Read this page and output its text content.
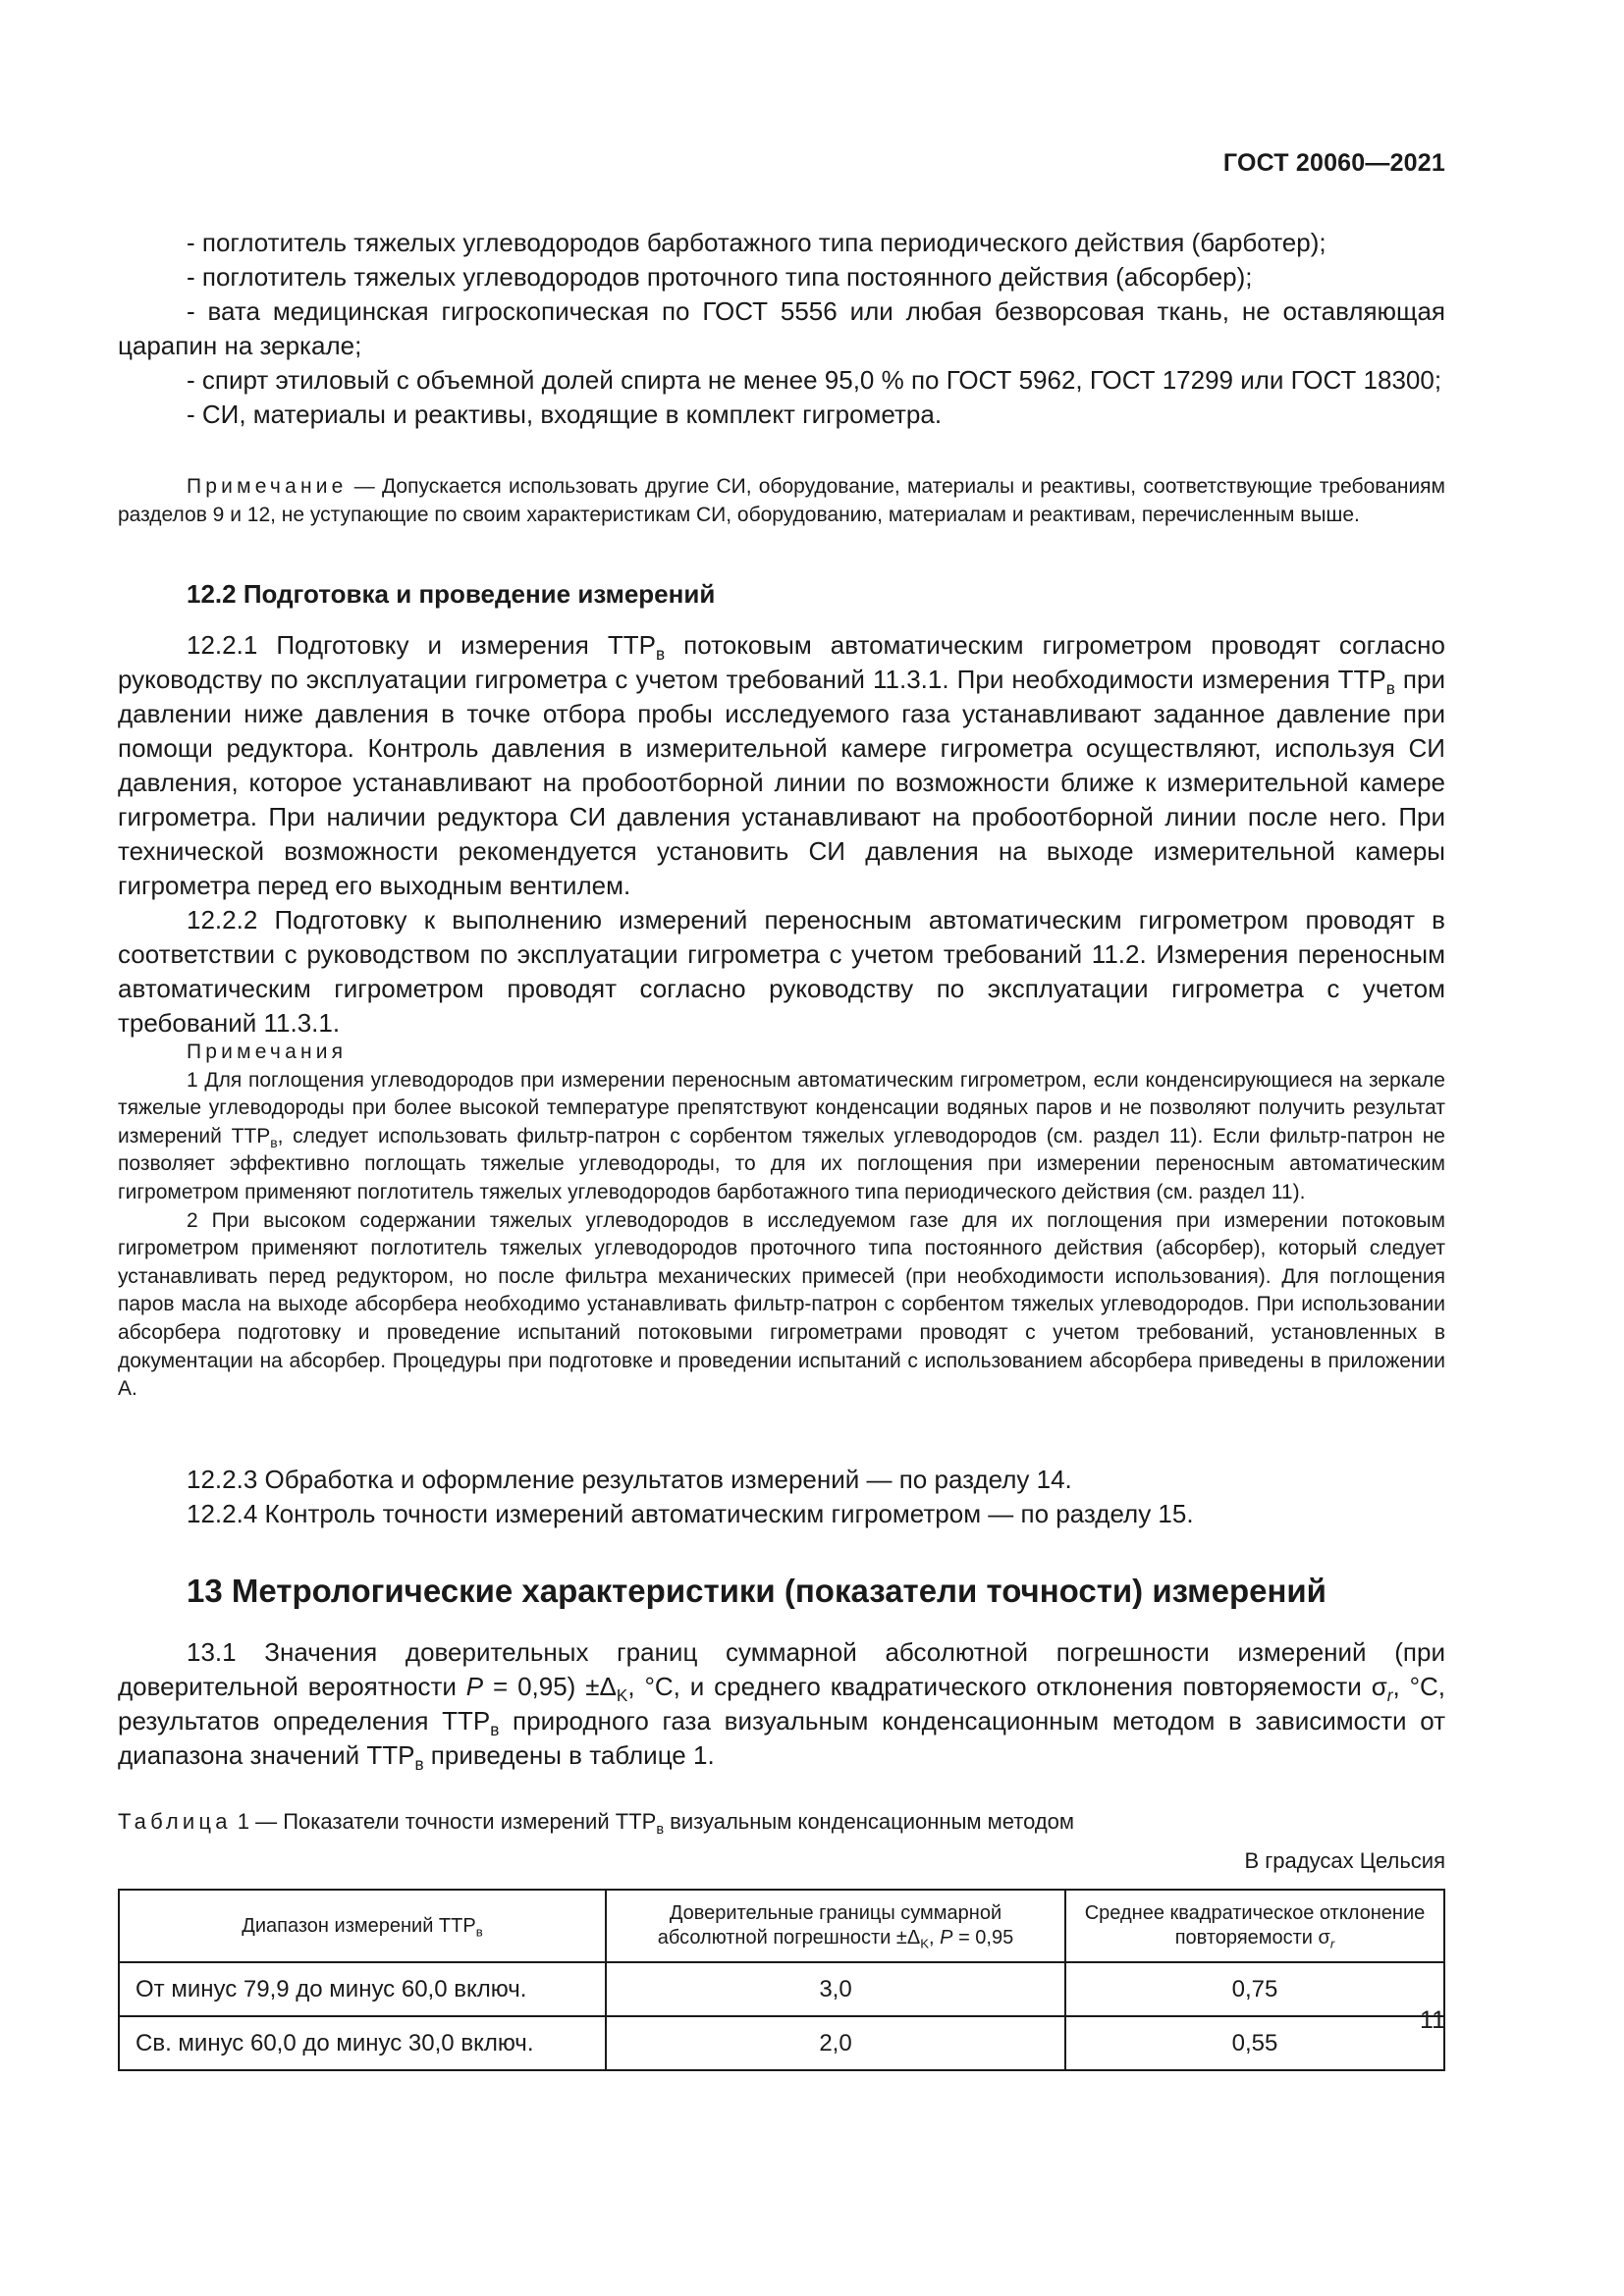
ГОСТ 20060—2021

- поглотитель тяжелых углеводородов барботажного типа периодического действия (барботер);

- поглотитель тяжелых углеводородов проточного типа постоянного действия (абсорбер);

- вата медицинская гигроскопическая по ГОСТ 5556 или любая безворсовая ткань, не оставляющая царапин на зеркале;

- спирт этиловый с объемной долей спирта не менее 95,0 % по ГОСТ 5962, ГОСТ 17299 или ГОСТ 18300;

- СИ, материалы и реактивы, входящие в комплект гигрометра.

Примечание — Допускается использовать другие СИ, оборудование, материалы и реактивы, соответствующие требованиям разделов 9 и 12, не уступающие по своим характеристикам СИ, оборудованию, материалам и реактивам, перечисленным выше.

12.2 Подготовка и проведение измерений

12.2.1 Подготовку и измерения $ТТР_в$ потоковым автоматическим гигрометром проводят согласно руководству по эксплуатации гигрометра с учетом требований 11.3.1. При необходимости измерения $ТТР_в$ при давлении ниже давления в точке отбора пробы исследуемого газа устанавливают заданное давление при помощи редуктора. Контроль давления в измерительной камере гигрометра осуществляют, используя СИ давления, которое устанавливают на пробоотборной линии по возможности ближе к измерительной камере гигрометра. При наличии редуктора СИ давления устанавливают на пробоотборной линии после него. При технической возможности рекомендуется установить СИ давления на выходе измерительной камеры гигрометра перед его выходным вентилем.

12.2.2 Подготовку к выполнению измерений переносным автоматическим гигрометром проводят в соответствии с руководством по эксплуатации гигрометра с учетом требований 11.2. Измерения переносным автоматическим гигрометром проводят согласно руководству по эксплуатации гигрометра с учетом требований 11.3.1.

Примечания

1 Для поглощения углеводородов при измерении переносным автоматическим гигрометром, если конденсирующиеся на зеркале тяжелые углеводороды при более высокой температуре препятствуют конденсации водяных паров и не позволяют получить результат измерений $ТТР_в$, следует использовать фильтр-патрон с сорбентом тяжелых углеводородов (см. раздел 11). Если фильтр-патрон не позволяет эффективно поглощать тяжелые углеводороды, то для их поглощения при измерении переносным автоматическим гигрометром применяют поглотитель тяжелых углеводородов барботажного типа периодического действия (см. раздел 11).

2 При высоком содержании тяжелых углеводородов в исследуемом газе для их поглощения при измерении потоковым гигрометром применяют поглотитель тяжелых углеводородов проточного типа постоянного действия (абсорбер), который следует устанавливать перед редуктором, но после фильтра механических примесей (при необходимости использования). Для поглощения паров масла на выходе абсорбера необходимо устанавливать фильтр-патрон с сорбентом тяжелых углеводородов. При использовании абсорбера подготовку и проведение испытаний потоковыми гигрометрами проводят с учетом требований, установленных в документации на абсорбер. Процедуры при подготовке и проведении испытаний с использованием абсорбера приведены в приложении А.

12.2.3 Обработка и оформление результатов измерений — по разделу 14.

12.2.4 Контроль точности измерений автоматическим гигрометром — по разделу 15.

13 Метрологические характеристики (показатели точности) измерений

13.1 Значения доверительных границ суммарной абсолютной погрешности измерений (при доверительной вероятности $P = 0,95) \pm\Delta_K$, °С, и среднего квадратического отклонения повторяемости $\sigma_r$, °С, результатов определения $ТТР_в$ природного газа визуальным конденсационным методом в зависимости от диапазона значений $ТТР_в$ приведены в таблице 1.

Таблица 1 — Показатели точности измерений $ТТР_в$ визуальным конденсационным методом
В градусах Цельсия
Диапазон измерений $ТТР_в$	Доверительные границы суммарной абсолютной погрешности $\pm\Delta_K$, P = 0,95	Среднее квадратическое отклонение повторяемости $\sigma_r$
От минус 79,9 до минус 60,0 включ.	3,0	0,75
Св. минус 60,0 до минус 30,0 включ.	2,0	0,55
11
